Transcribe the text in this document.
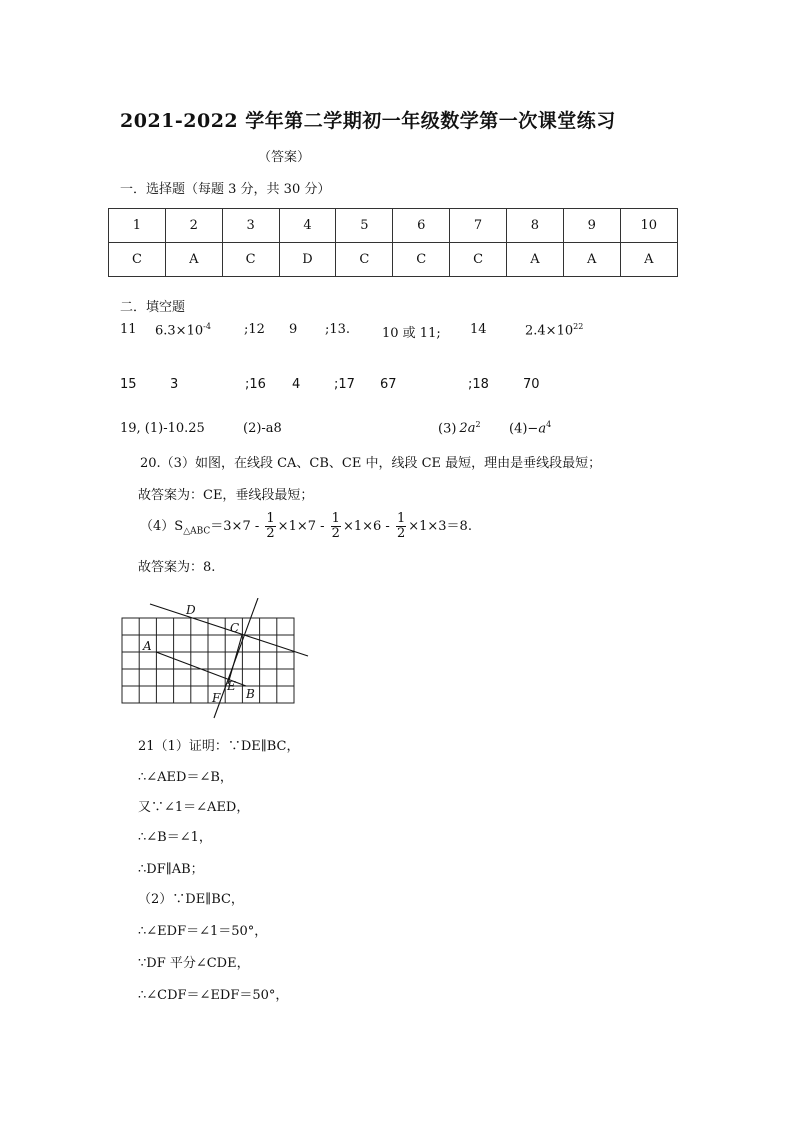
2021-2022 学年第二学期初一年级数学第一次课堂练习
（答案）
一．选择题（每题 3 分，共 30 分）
1	2	3	4	5	6	7	8	9	10
C	A	C	D	C	C	C	A	A	A
二．填空题
11 $6.3\times 10^{-4}$	;12 9 ;13. 10 或 11; 14	$2.4\times 10^{22}$
15	3	;16 4	;17 67	;18	70
19, (1)-10.25	(2)-a8	(3) $2a^2$ $(4)-a^4$
20.（3）如图，在线段 CA、CB、CE 中，线段 CE 最短，理由是垂线段最短；
故答案为：CE，垂线段最短；
$(4)S_{\triangle ABC}=3\times 7 - \frac{1}{2} \times 1\times 7 - \frac{1}{2} \times 1\times 6 - \frac{1}{2} \times 1\times 3=8$.
故答案为：8.
D
C
A
E
F B
21（1）证明：∵DE∥BC，
∴∠AED＝∠B，
又∵∠1＝∠AED，
∴∠B＝∠1，
∴DF∥AB；
（2）∵DE∥BC，
∴∠EDF＝∠1＝50°，
∵DF 平分∠CDE，
∴∠CDF＝∠EDF＝50°，
